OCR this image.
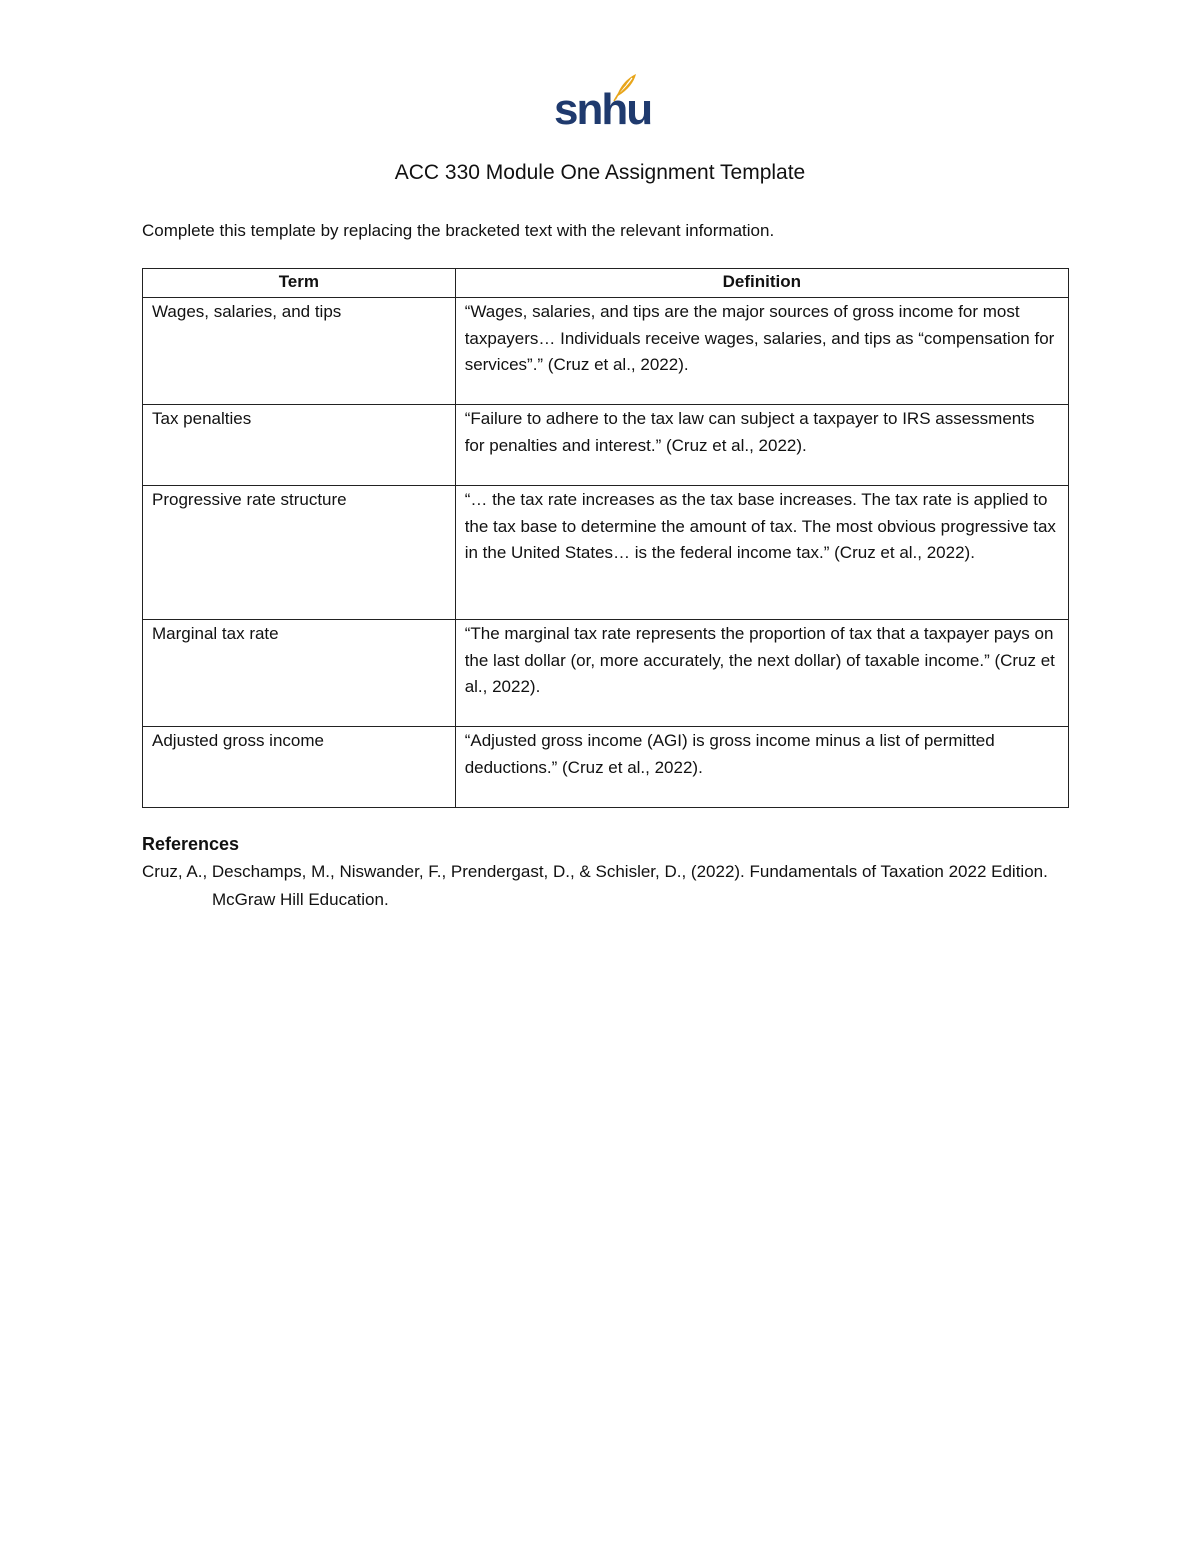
snhu
ACC 330 Module One Assignment Template
Complete this template by replacing the bracketed text with the relevant information.
Term	Definition
Wages, salaries, and tips	“Wages, salaries, and tips are the major sources of gross income for most taxpayers… Individuals receive wages, salaries, and tips as “compensation for services”.” (Cruz et al., 2022).
Tax penalties	“Failure to adhere to the tax law can subject a taxpayer to IRS assessments for penalties and interest.” (Cruz et al., 2022).
Progressive rate structure	“… the tax rate increases as the tax base increases. The tax rate is applied to the tax base to determine the amount of tax. The most obvious progressive tax in the United States… is the federal income tax.” (Cruz et al., 2022).
Marginal tax rate	“The marginal tax rate represents the proportion of tax that a taxpayer pays on the last dollar (or, more accurately, the next dollar) of taxable income.” (Cruz et al., 2022).
Adjusted gross income	“Adjusted gross income (AGI) is gross income minus a list of permitted deductions.” (Cruz et al., 2022).
References
Cruz, A., Deschamps, M., Niswander, F., Prendergast, D., & Schisler, D., (2022). Fundamentals of Taxation 2022 Edition. McGraw Hill Education.
